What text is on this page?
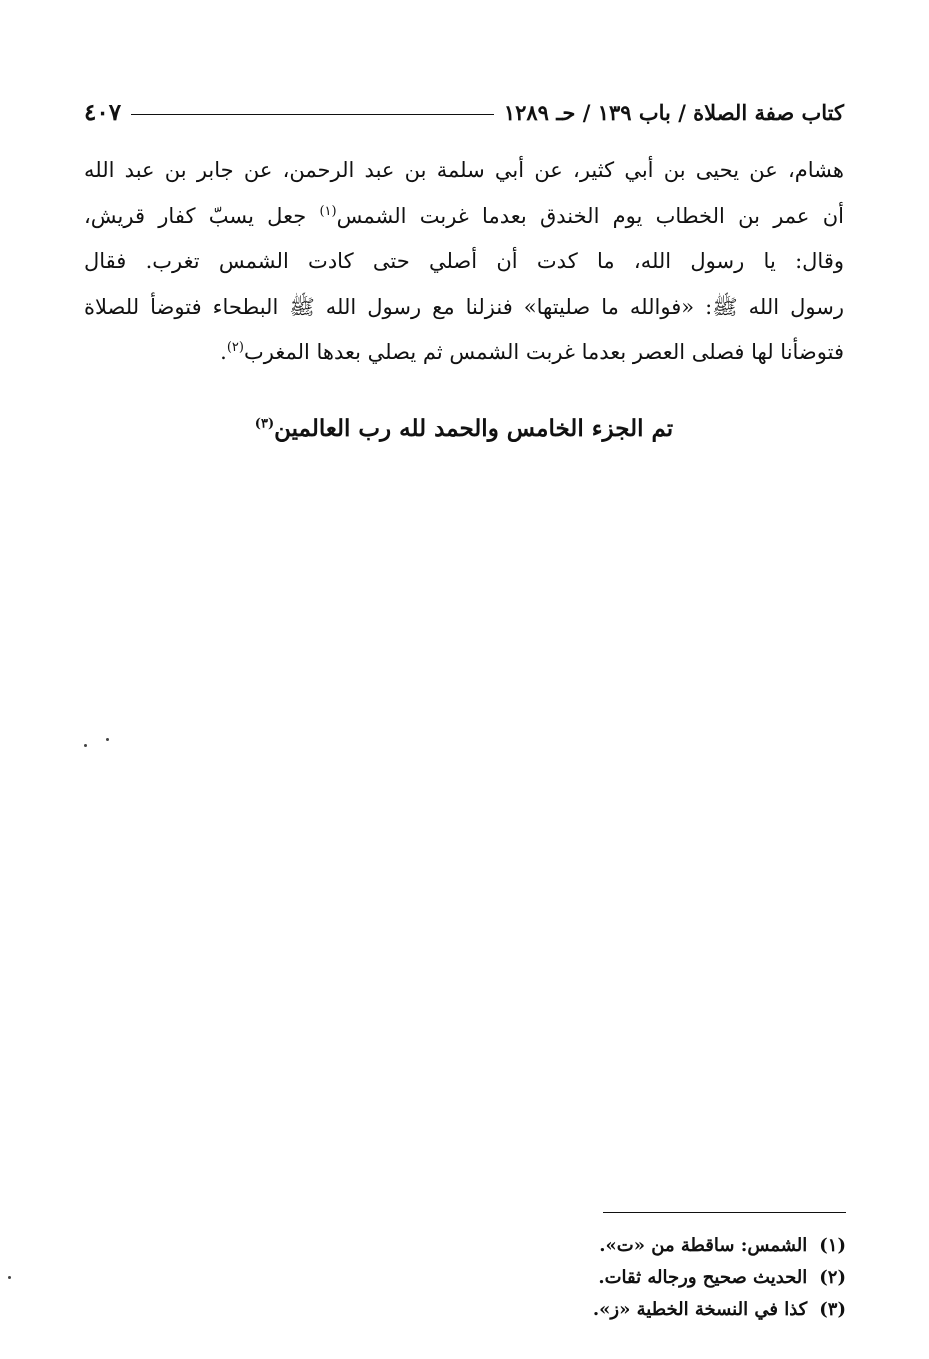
٤٠٧	كتاب صفة الصلاة / باب ١٣٩ / حـ ١٢٨٩
هشام، عن يحيى بن أبي كثير، عن أبي سلمة بن عبد الرحمن، عن جابر بن عبد الله
أن عمر بن الخطاب يوم الخندق بعدما غربت الشمس$^{(١)}$ جعل يسبّ كفار قريش،
وقال: يا رسول الله، ما كدت أن أصلي حتى كادت الشمس تغرب. فقال
رسول الله ﷺ: «فوالله ما صليتها» فنزلنا مع رسول الله ﷺ البطحاء فتوضأ للصلاة
فتوضأنا لها فصلى العصر بعدما غربت الشمس ثم يصلي بعدها المغرب$^{(٢)}$.
تم الجزء الخامس والحمد لله رب العالمين$^{(٣)}$
(١)الشمس: ساقطة من «ت».
(٢)الحديث صحيح ورجاله ثقات.
(٣)كذا في النسخة الخطية «ز».
